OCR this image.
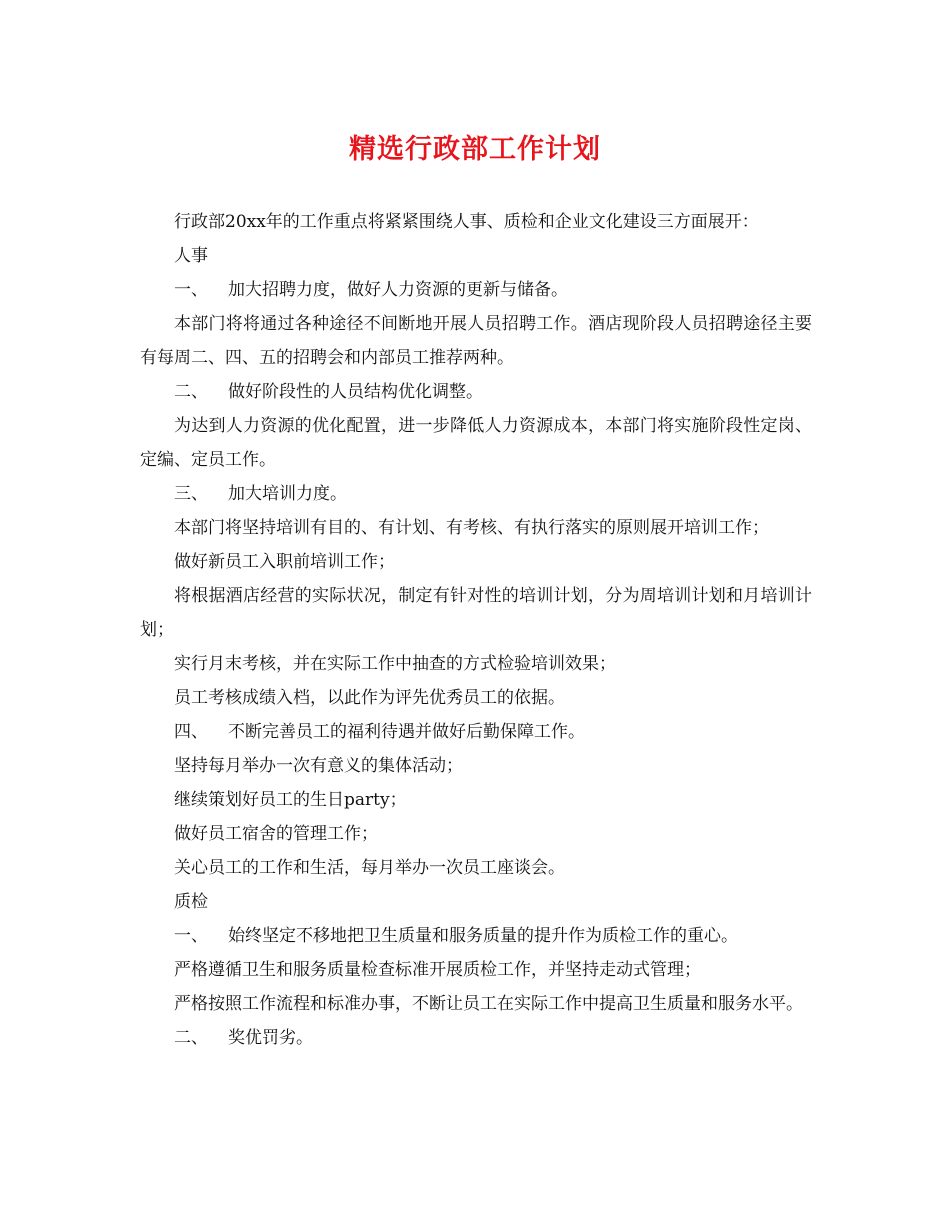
精选行政部工作计划

行政部20xx年的工作重点将紧紧围绕人事、质检和企业文化建设三方面展开：

人事

一、 加大招聘力度，做好人力资源的更新与储备。

本部门将将通过各种途径不间断地开展人员招聘工作。酒店现阶段人员招聘途径主要有每周二、四、五的招聘会和内部员工推荐两种。

二、 做好阶段性的人员结构优化调整。

为达到人力资源的优化配置，进一步降低人力资源成本，本部门将实施阶段性定岗、定编、定员工作。

三、 加大培训力度。

本部门将坚持培训有目的、有计划、有考核、有执行落实的原则展开培训工作；

做好新员工入职前培训工作；

将根据酒店经营的实际状况，制定有针对性的培训计划，分为周培训计划和月培训计划；

实行月末考核，并在实际工作中抽查的方式检验培训效果；

员工考核成绩入档，以此作为评先优秀员工的依据。

四、 不断完善员工的福利待遇并做好后勤保障工作。

坚持每月举办一次有意义的集体活动；

继续策划好员工的生日party；

做好员工宿舍的管理工作；

关心员工的工作和生活，每月举办一次员工座谈会。

质检

一、 始终坚定不移地把卫生质量和服务质量的提升作为质检工作的重心。

严格遵循卫生和服务质量检查标准开展质检工作，并坚持走动式管理；

严格按照工作流程和标准办事，不断让员工在实际工作中提高卫生质量和服务水平。

二、 奖优罚劣。
